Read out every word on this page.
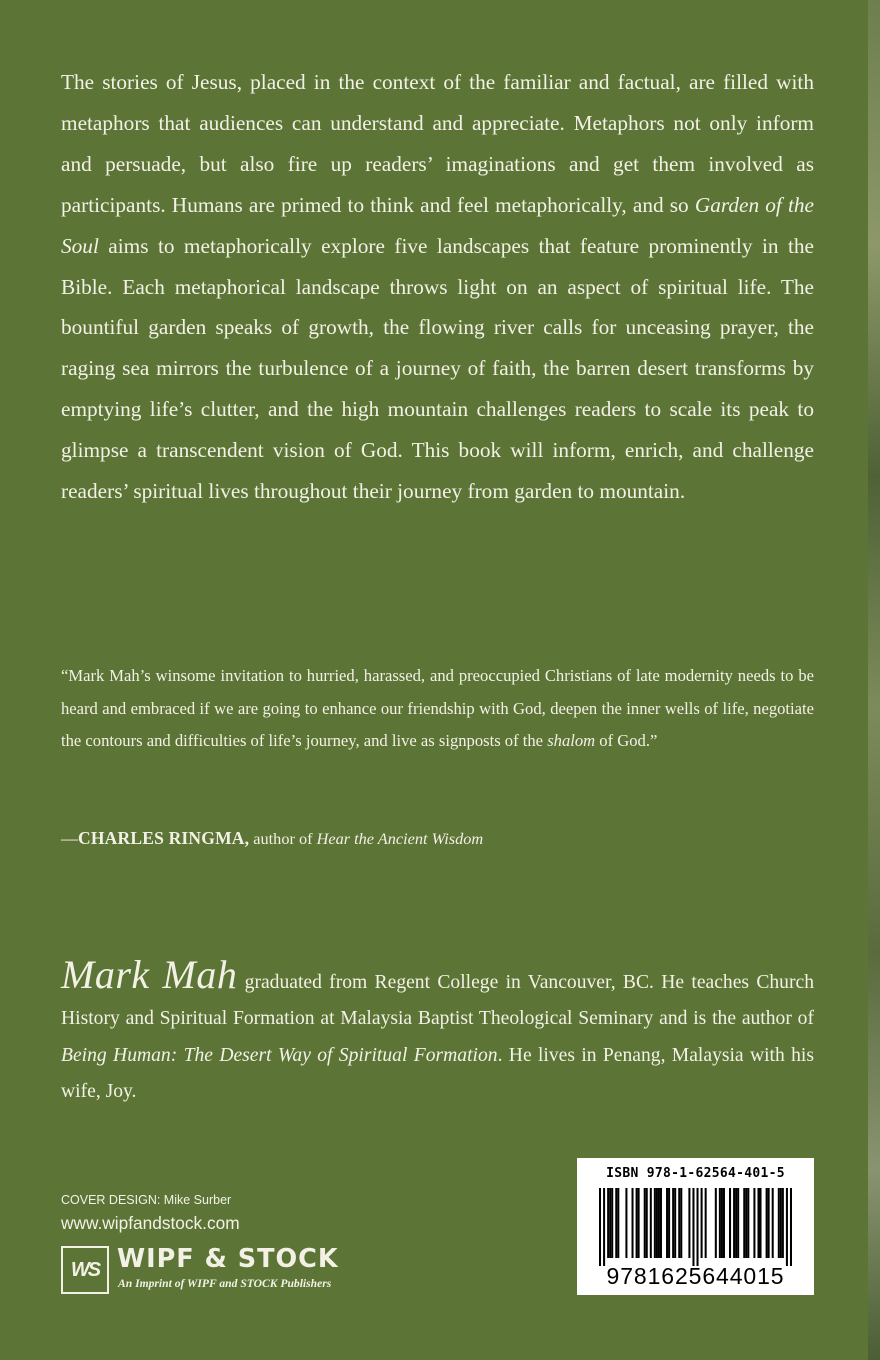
The stories of Jesus, placed in the context of the familiar and factual, are filled with metaphors that audiences can understand and appreciate. Metaphors not only inform and persuade, but also fire up readers’ imaginations and get them involved as participants. Humans are primed to think and feel metaphorically, and so Garden of the Soul aims to metaphorically explore five landscapes that feature prominently in the Bible. Each metaphorical landscape throws light on an aspect of spiritual life. The bountiful garden speaks of growth, the flowing river calls for unceasing prayer, the raging sea mirrors the turbulence of a journey of faith, the barren desert transforms by emptying life’s clutter, and the high mountain challenges readers to scale its peak to glimpse a transcendent vision of God. This book will inform, enrich, and challenge readers’ spiritual lives throughout their journey from garden to mountain.

“Mark Mah’s winsome invitation to hurried, harassed, and preoccupied Christians of late modernity needs to be heard and embraced if we are going to enhance our friendship with God, deepen the inner wells of life, negotiate the contours and difficulties of life’s journey, and live as signposts of the shalom of God.”

—CHARLES RINGMA, author of Hear the Ancient Wisdom

Mark Mah graduated from Regent College in Vancouver, BC. He teaches Church History and Spiritual Formation at Malaysia Baptist Theological Seminary and is the author of Being Human: The Desert Way of Spiritual Formation. He lives in Penang, Malaysia with his wife, Joy.

COVER DESIGN: Mike Surber
www.wipfandstock.com
WS WIPF & STOCK
An Imprint of WIPF and STOCK Publishers
ISBN 978-1-62564-401-5
9781625644015
